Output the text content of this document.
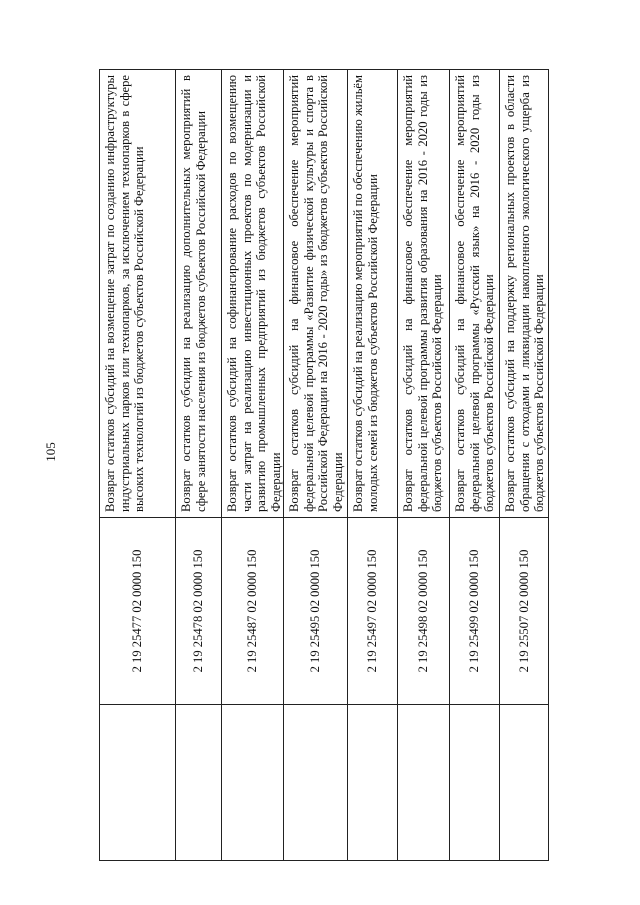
105
2 19 25477 02 0000 150
Возврат остатков субсидий на возмещение затрат по созданию инфраструктуры индустриальных парков или технопарков, за исключением технопарков в сфере высоких технологий из бюджетов субъектов Российской Федерации
2 19 25478 02 0000 150
Возврат остатков субсидии на реализацию дополнительных мероприятий в сфере занятости населения из бюджетов субъектов Российской Федерации
2 19 25487 02 0000 150
Возврат остатков субсидий на софинансирование расходов по возмещению части затрат на реализацию инвестиционных проектов по модернизации и развитию промышленных предприятий из бюджетов субъектов Российской Федерации
2 19 25495 02 0000 150
Возврат остатков субсидий на финансовое обеспечение мероприятий федеральной целевой программы «Развитие физической культуры и спорта в Российской Федерации на 2016 - 2020 годы» из бюджетов субъектов Российской Федерации
2 19 25497 02 0000 150
Возврат остатков субсидий на реализацию мероприятий по обеспечению жильём молодых семей из бюджетов субъектов Российской Федерации
2 19 25498 02 0000 150
Возврат остатков субсидий на финансовое обеспечение мероприятий федеральной целевой программы развития образования на 2016 - 2020 годы из бюджетов субъектов Российской Федерации
2 19 25499 02 0000 150
Возврат остатков субсидий на финансовое обеспечение мероприятий федеральной целевой программы «Русский язык» на 2016 - 2020 годы из бюджетов субъектов Российской Федерации
2 19 25507 02 0000 150
Возврат остатков субсидий на поддержку региональных проектов в области обращения с отходами и ликвидации накопленного экологического ущерба из бюджетов субъектов Российской Федерации
